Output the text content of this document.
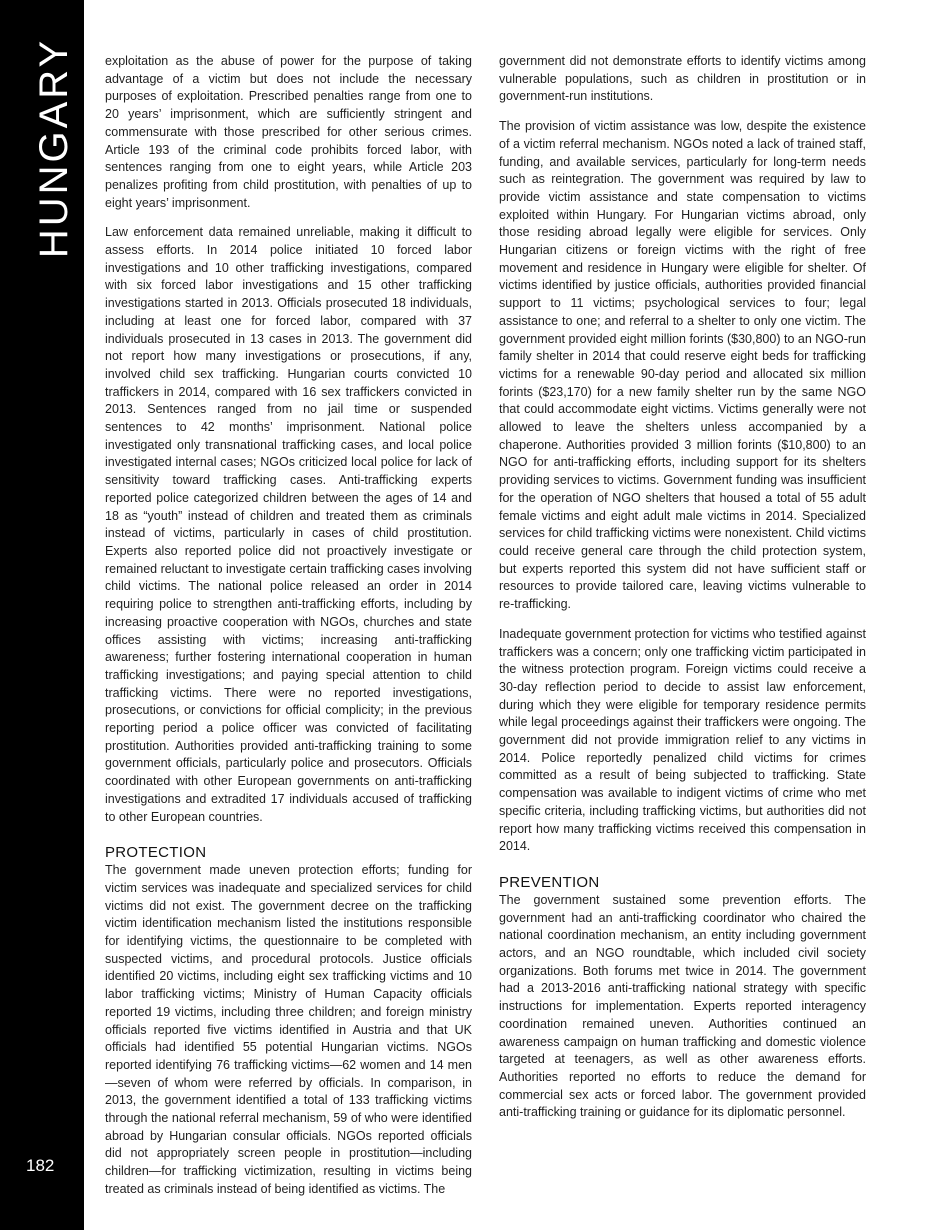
HUNGARY
182

exploitation as the abuse of power for the purpose of taking advantage of a victim but does not include the necessary purposes of exploitation. Prescribed penalties range from one to 20 years’ imprisonment, which are sufficiently stringent and commensurate with those prescribed for other serious crimes. Article 193 of the criminal code prohibits forced labor, with sentences ranging from one to eight years, while Article 203 penalizes profiting from child prostitution, with penalties of up to eight years’ imprisonment.

Law enforcement data remained unreliable, making it difficult to assess efforts. In 2014 police initiated 10 forced labor investigations and 10 other trafficking investigations, compared with six forced labor investigations and 15 other trafficking investigations started in 2013. Officials prosecuted 18 individuals, including at least one for forced labor, compared with 37 individuals prosecuted in 13 cases in 2013. The government did not report how many investigations or prosecutions, if any, involved child sex trafficking. Hungarian courts convicted 10 traffickers in 2014, compared with 16 sex traffickers convicted in 2013. Sentences ranged from no jail time or suspended sentences to 42 months’ imprisonment. National police investigated only transnational trafficking cases, and local police investigated internal cases; NGOs criticized local police for lack of sensitivity toward trafficking cases. Anti-trafficking experts reported police categorized children between the ages of 14 and 18 as “youth” instead of children and treated them as criminals instead of victims, particularly in cases of child prostitution. Experts also reported police did not proactively investigate or remained reluctant to investigate certain trafficking cases involving child victims. The national police released an order in 2014 requiring police to strengthen anti-trafficking efforts, including by increasing proactive cooperation with NGOs, churches and state offices assisting with victims; increasing anti-trafficking awareness; further fostering international cooperation in human trafficking investigations; and paying special attention to child trafficking victims. There were no reported investigations, prosecutions, or convictions for official complicity; in the previous reporting period a police officer was convicted of facilitating prostitution. Authorities provided anti-trafficking training to some government officials, particularly police and prosecutors. Officials coordinated with other European governments on anti-trafficking investigations and extradited 17 individuals accused of trafficking to other European countries.

PROTECTION

The government made uneven protection efforts; funding for victim services was inadequate and specialized services for child victims did not exist. The government decree on the trafficking victim identification mechanism listed the institutions responsible for identifying victims, the questionnaire to be completed with suspected victims, and procedural protocols. Justice officials identified 20 victims, including eight sex trafficking victims and 10 labor trafficking victims; Ministry of Human Capacity officials reported 19 victims, including three children; and foreign ministry officials reported five victims identified in Austria and that UK officials had identified 55 potential Hungarian victims. NGOs reported identifying 76 trafficking victims—62 women and 14 men—seven of whom were referred by officials. In comparison, in 2013, the government identified a total of 133 trafficking victims through the national referral mechanism, 59 of who were identified abroad by Hungarian consular officials. NGOs reported officials did not appropriately screen people in prostitution—including children—for trafficking victimization, resulting in victims being treated as criminals instead of being identified as victims. The

government did not demonstrate efforts to identify victims among vulnerable populations, such as children in prostitution or in government-run institutions.

The provision of victim assistance was low, despite the existence of a victim referral mechanism. NGOs noted a lack of trained staff, funding, and available services, particularly for long-term needs such as reintegration. The government was required by law to provide victim assistance and state compensation to victims exploited within Hungary. For Hungarian victims abroad, only those residing abroad legally were eligible for services. Only Hungarian citizens or foreign victims with the right of free movement and residence in Hungary were eligible for shelter. Of victims identified by justice officials, authorities provided financial support to 11 victims; psychological services to four; legal assistance to one; and referral to a shelter to only one victim. The government provided eight million forints ($30,800) to an NGO-run family shelter in 2014 that could reserve eight beds for trafficking victims for a renewable 90-day period and allocated six million forints ($23,170) for a new family shelter run by the same NGO that could accommodate eight victims. Victims generally were not allowed to leave the shelters unless accompanied by a chaperone. Authorities provided 3 million forints ($10,800) to an NGO for anti-trafficking efforts, including support for its shelters providing services to victims. Government funding was insufficient for the operation of NGO shelters that housed a total of 55 adult female victims and eight adult male victims in 2014. Specialized services for child trafficking victims were nonexistent. Child victims could receive general care through the child protection system, but experts reported this system did not have sufficient staff or resources to provide tailored care, leaving victims vulnerable to re-trafficking.

Inadequate government protection for victims who testified against traffickers was a concern; only one trafficking victim participated in the witness protection program. Foreign victims could receive a 30-day reflection period to decide to assist law enforcement, during which they were eligible for temporary residence permits while legal proceedings against their traffickers were ongoing. The government did not provide immigration relief to any victims in 2014. Police reportedly penalized child victims for crimes committed as a result of being subjected to trafficking. State compensation was available to indigent victims of crime who met specific criteria, including trafficking victims, but authorities did not report how many trafficking victims received this compensation in 2014.

PREVENTION

The government sustained some prevention efforts. The government had an anti-trafficking coordinator who chaired the national coordination mechanism, an entity including government actors, and an NGO roundtable, which included civil society organizations. Both forums met twice in 2014. The government had a 2013-2016 anti-trafficking national strategy with specific instructions for implementation. Experts reported interagency coordination remained uneven. Authorities continued an awareness campaign on human trafficking and domestic violence targeted at teenagers, as well as other awareness efforts. Authorities reported no efforts to reduce the demand for commercial sex acts or forced labor. The government provided anti-trafficking training or guidance for its diplomatic personnel.
